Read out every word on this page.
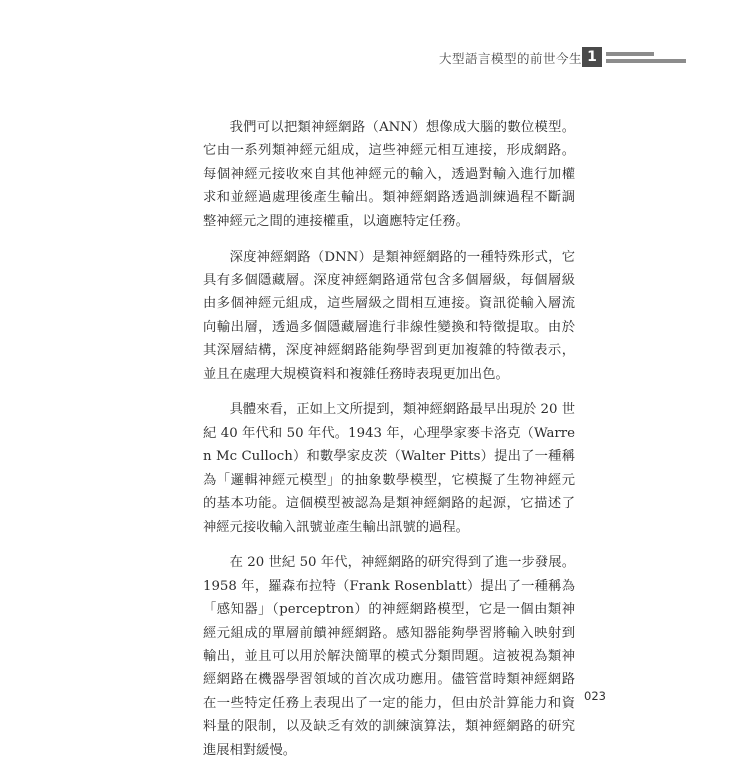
大型語言模型的前世今生 1

我們可以把類神經網路（ANN）想像成大腦的數位模型。它由一系列類神經元組成，這些神經元相互連接，形成網路。每個神經元接收來自其他神經元的輸入，透過對輸入進行加權求和並經過處理後產生輸出。類神經網路透過訓練過程不斷調整神經元之間的連接權重，以適應特定任務。

深度神經網路（DNN）是類神經網路的一種特殊形式，它具有多個隱藏層。深度神經網路通常包含多個層級，每個層級由多個神經元組成，這些層級之間相互連接。資訊從輸入層流向輸出層，透過多個隱藏層進行非線性變換和特徵提取。由於其深層結構，深度神經網路能夠學習到更加複雜的特徵表示，並且在處理大規模資料和複雜任務時表現更加出色。

具體來看，正如上文所提到，類神經網路最早出現於 20 世紀 40 年代和 50 年代。1943 年，心理學家麥卡洛克（Warren Mc Culloch）和數學家皮茨（Walter Pitts）提出了一種稱為「邏輯神經元模型」的抽象數學模型，它模擬了生物神經元的基本功能。這個模型被認為是類神經網路的起源，它描述了神經元接收輸入訊號並產生輸出訊號的過程。

在 20 世紀 50 年代，神經網路的研究得到了進一步發展。1958 年，羅森布拉特（Frank Rosenblatt）提出了一種稱為「感知器」（perceptron）的神經網路模型，它是一個由類神經元組成的單層前饋神經網路。感知器能夠學習將輸入映射到輸出，並且可以用於解決簡單的模式分類問題。這被視為類神經網路在機器學習領域的首次成功應用。儘管當時類神經網路在一些特定任務上表現出了一定的能力，但由於計算能力和資料量的限制，以及缺乏有效的訓練演算法，類神經網路的研究進展相對緩慢。

023
